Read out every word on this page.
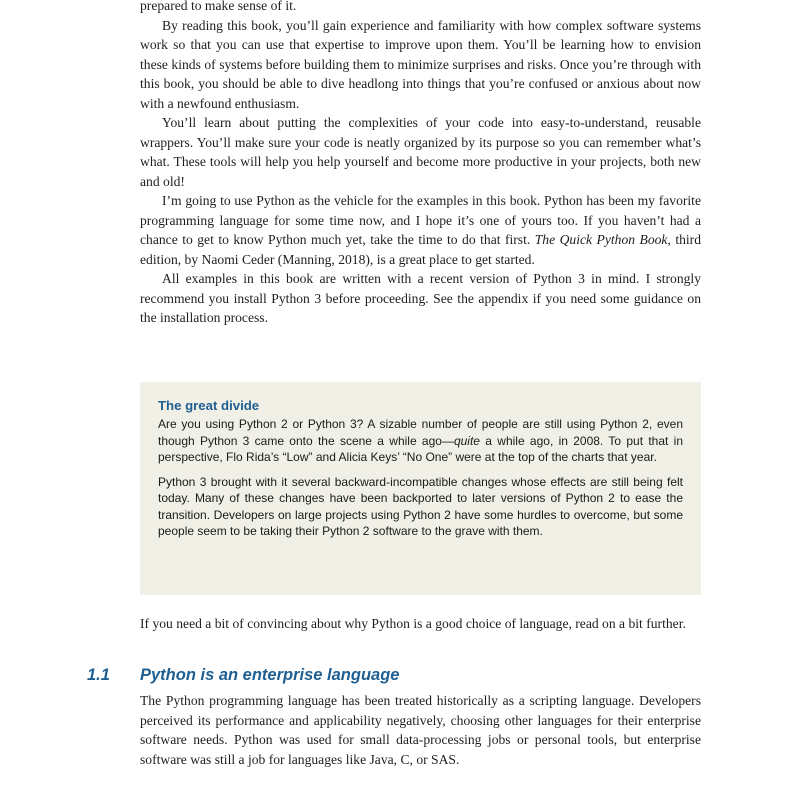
prepared to make sense of it.

By reading this book, you’ll gain experience and familiarity with how complex software systems work so that you can use that expertise to improve upon them. You’ll be learning how to envision these kinds of systems before building them to minimize surprises and risks. Once you’re through with this book, you should be able to dive headlong into things that you’re confused or anxious about now with a newfound enthusiasm.

You’ll learn about putting the complexities of your code into easy-to-understand, reusable wrappers. You’ll make sure your code is neatly organized by its purpose so you can remember what’s what. These tools will help you help yourself and become more productive in your projects, both new and old!

I’m going to use Python as the vehicle for the examples in this book. Python has been my favorite programming language for some time now, and I hope it’s one of yours too. If you haven’t had a chance to get to know Python much yet, take the time to do that first. The Quick Python Book, third edition, by Naomi Ceder (Manning, 2018), is a great place to get started.

All examples in this book are written with a recent version of Python 3 in mind. I strongly recommend you install Python 3 before proceeding. See the appendix if you need some guidance on the installation process.

The great divide

Are you using Python 2 or Python 3? A sizable number of people are still using Python 2, even though Python 3 came onto the scene a while ago—quite a while ago, in 2008. To put that in perspective, Flo Rida’s “Low” and Alicia Keys’ “No One” were at the top of the charts that year.

Python 3 brought with it several backward-incompatible changes whose effects are still being felt today. Many of these changes have been backported to later versions of Python 2 to ease the transition. Developers on large projects using Python 2 have some hurdles to overcome, but some people seem to be taking their Python 2 software to the grave with them.

If you need a bit of convincing about why Python is a good choice of language, read on a bit further.

1.1 Python is an enterprise language

The Python programming language has been treated historically as a scripting language. Developers perceived its performance and applicability negatively, choosing other languages for their enterprise software needs. Python was used for small data-processing jobs or personal tools, but enterprise software was still a job for languages like Java, C, or SAS.
